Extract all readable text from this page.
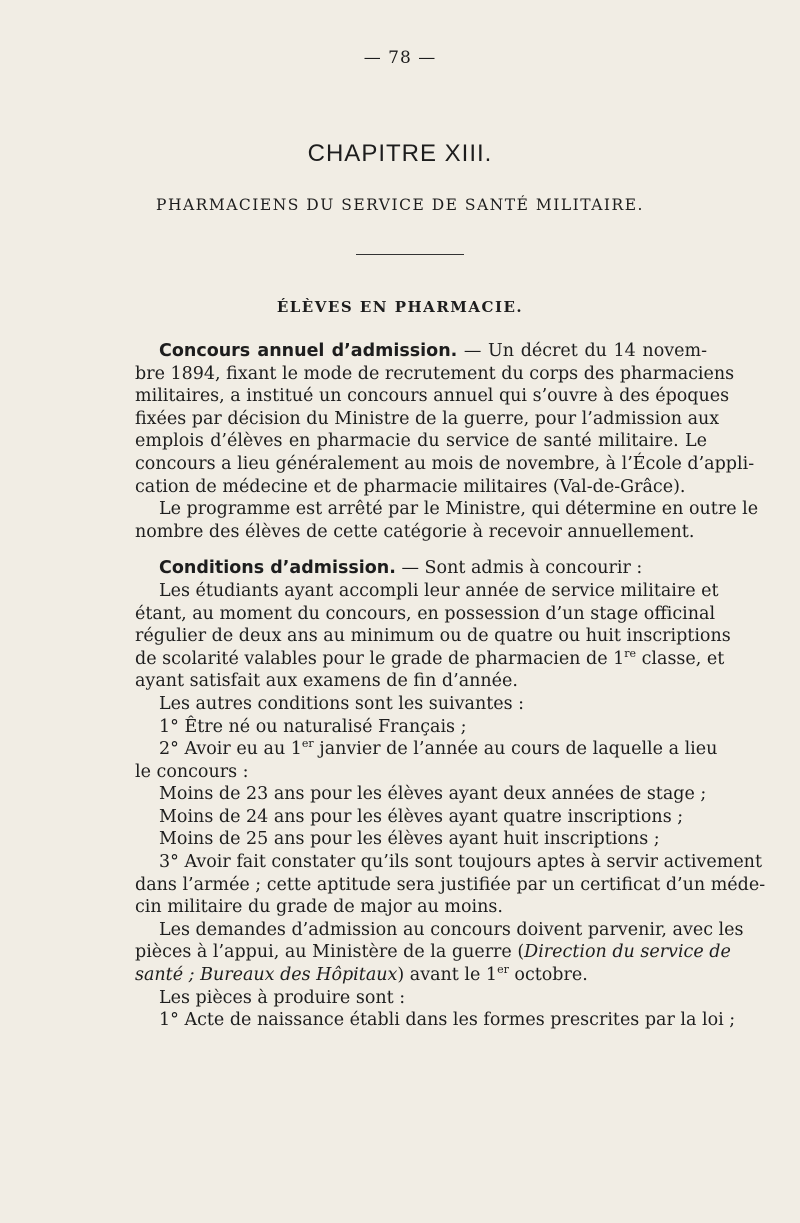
— 78 —
CHAPITRE XIII.
PHARMACIENS DU SERVICE DE SANTÉ MILITAIRE.
ÉLÈVES EN PHARMACIE.
Concours annuel d’admission. — Un décret du 14 novem-
bre 1894, fixant le mode de recrutement du corps des pharmaciens
militaires, a institué un concours annuel qui s’ouvre à des époques
fixées par décision du Ministre de la guerre, pour l’admission aux
emplois d’élèves en pharmacie du service de santé militaire. Le
concours a lieu généralement au mois de novembre, à l’École d’appli-
cation de médecine et de pharmacie militaires (Val-de-Grâce).
Le programme est arrêté par le Ministre, qui détermine en outre le
nombre des élèves de cette catégorie à recevoir annuellement.
Conditions d’admission. — Sont admis à concourir :
Les étudiants ayant accompli leur année de service militaire et
étant, au moment du concours, en possession d’un stage officinal
régulier de deux ans au minimum ou de quatre ou huit inscriptions
de scolarité valables pour le grade de pharmacien de 1re classe, et
ayant satisfait aux examens de fin d’année.
Les autres conditions sont les suivantes :
1° Être né ou naturalisé Français ;
2° Avoir eu au 1er janvier de l’année au cours de laquelle a lieu
le concours :
Moins de 23 ans pour les élèves ayant deux années de stage ;
Moins de 24 ans pour les élèves ayant quatre inscriptions ;
Moins de 25 ans pour les élèves ayant huit inscriptions ;
3° Avoir fait constater qu’ils sont toujours aptes à servir activement
dans l’armée ; cette aptitude sera justifiée par un certificat d’un méde-
cin militaire du grade de major au moins.
Les demandes d’admission au concours doivent parvenir, avec les
pièces à l’appui, au Ministère de la guerre (Direction du service de
santé ; Bureaux des Hôpitaux) avant le 1er octobre.
Les pièces à produire sont :
1° Acte de naissance établi dans les formes prescrites par la loi ;
